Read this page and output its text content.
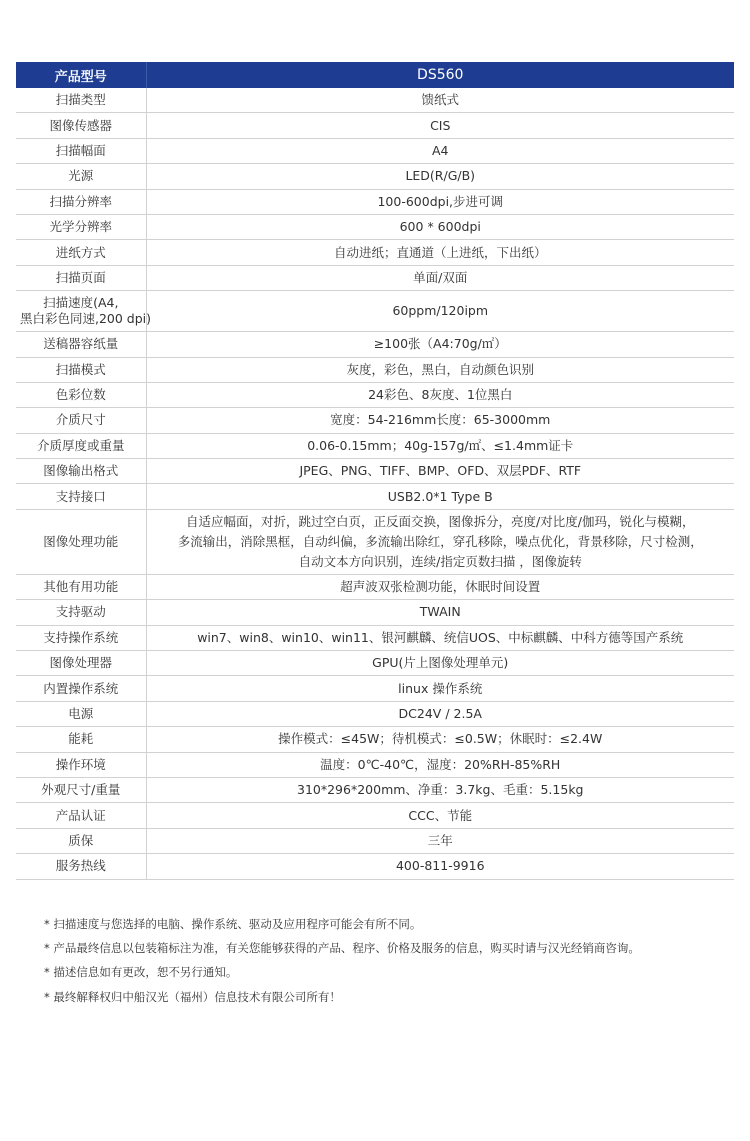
产品型号	DS560
扫描类型	馈纸式
图像传感器	CIS
扫描幅面	A4
光源	LED(R/G/B)
扫描分辨率	100-600dpi,步进可调
光学分辨率	600 * 600dpi
进纸方式	自动进纸；直通道（上进纸，下出纸）
扫描页面	单面/双面

扫描速度(A4,
黑白彩色同速,200 dpi)	60ppm/120ipm
送稿器容纸量	≥100张（A4:70g/㎡）
扫描模式	灰度，彩色，黑白，自动颜色识别
色彩位数	24彩色、8灰度、1位黑白
介质尺寸	宽度：54-216mm长度：65-3000mm
介质厚度或重量	0.06-0.15mm；40g-157g/㎡、≤1.4mm证卡
图像输出格式	JPEG、PNG、TIFF、BMP、OFD、双层PDF、RTF
支持接口	USB2.0*1 Type B
图像处理功能	自适应幅面，对折，跳过空白页，正反面交换，图像拆分，亮度/对比度/伽玛，锐化与模糊，
多流输出，消除黑框，自动纠偏，多流输出除红，穿孔移除，噪点优化，背景移除，尺寸检测，
自动文本方向识别，连续/指定页数扫描 ，图像旋转

其他有用功能	超声波双张检测功能，休眠时间设置
支持驱动	TWAIN
支持操作系统	win7、win8、win10、win11、银河麒麟、统信UOS、中标麒麟、中科方德等国产系统
图像处理器	GPU(片上图像处理单元)
内置操作系统	linux 操作系统
电源	DC24V / 2.5A
能耗	操作模式：≤45W；待机模式：≤0.5W；休眠时：≤2.4W
操作环境	温度：0℃-40℃，湿度：20%RH-85%RH
外观尺寸/重量	310*296*200mm、净重：3.7kg、毛重：5.15kg
产品认证	CCC、节能
质保	三年
服务热线	400-811-9916
* 扫描速度与您选择的电脑、操作系统、驱动及应用程序可能会有所不同。
* 产品最终信息以包装箱标注为准，有关您能够获得的产品、程序、价格及服务的信息，购买时请与汉光经销商咨询。
* 描述信息如有更改，恕不另行通知。
* 最终解释权归中船汉光（福州）信息技术有限公司所有！
